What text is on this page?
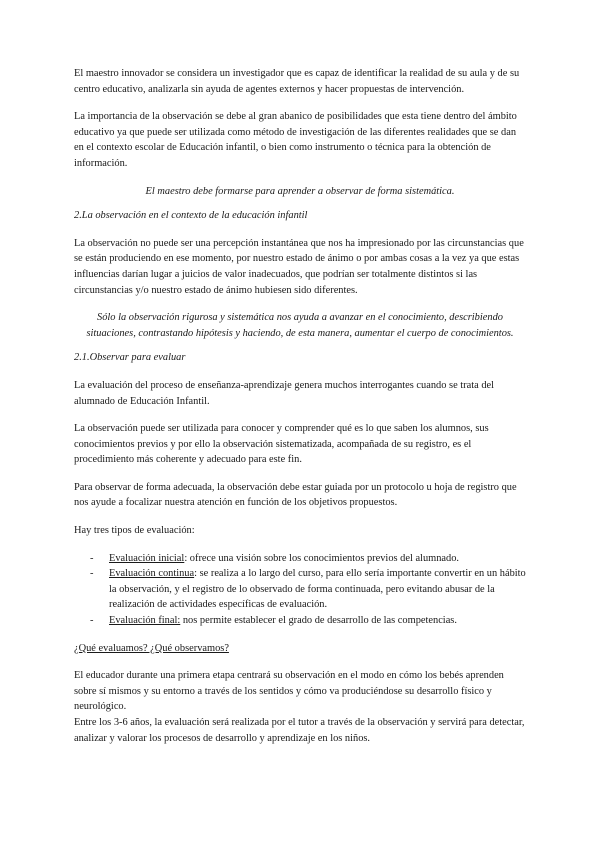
El maestro innovador se considera un investigador que es capaz de identificar la realidad de su aula y de su centro educativo, analizarla sin ayuda de agentes externos y hacer propuestas de intervención.

La importancia de la observación se debe al gran abanico de posibilidades que esta tiene dentro del ámbito educativo ya que puede ser utilizada como método de investigación de las diferentes realidades que se dan en el contexto escolar de Educación infantil, o bien como instrumento o técnica para la obtención de información.

El maestro debe formarse para aprender a observar de forma sistemática.

2.La observación en el contexto de la educación infantil

La observación no puede ser una percepción instantánea que nos ha impresionado por las circunstancias que se están produciendo en ese momento, por nuestro estado de ánimo o por ambas cosas a la vez ya que estas influencias darían lugar a juicios de valor inadecuados, que podrían ser totalmente distintos si las circunstancias y/o nuestro estado de ánimo hubiesen sido diferentes.

Sólo la observación rigurosa y sistemática nos ayuda a avanzar en el conocimiento, describiendo situaciones, contrastando hipótesis y haciendo, de esta manera, aumentar el cuerpo de conocimientos.

2.1.Observar para evaluar

La evaluación del proceso de enseñanza-aprendizaje genera muchos interrogantes cuando se trata del alumnado de Educación Infantil.

La observación puede ser utilizada para conocer y comprender qué es lo que saben los alumnos, sus conocimientos previos y por ello la observación sistematizada, acompañada de su registro, es el procedimiento más coherente y adecuado para este fin.

Para observar de forma adecuada, la observación debe estar guiada por un protocolo u hoja de registro que nos ayude a focalizar nuestra atención en función de los objetivos propuestos.

Hay tres tipos de evaluación:

- Evaluación inicial: ofrece una visión sobre los conocimientos previos del alumnado.
- Evaluación continua: se realiza a lo largo del curso, para ello sería importante convertir en un hábito la observación, y el registro de lo observado de forma continuada, pero evitando abusar de la realización de actividades específicas de evaluación.
- Evaluación final: nos permite establecer el grado de desarrollo de las competencias.

¿Qué evaluamos? ¿Qué observamos?

El educador durante una primera etapa centrará su observación en el modo en cómo los bebés aprenden sobre sí mismos y su entorno a través de los sentidos y cómo va produciéndose su desarrollo físico y neurológico.

Entre los 3-6 años, la evaluación será realizada por el tutor a través de la observación y servirá para detectar, analizar y valorar los procesos de desarrollo y aprendizaje en los niños.
